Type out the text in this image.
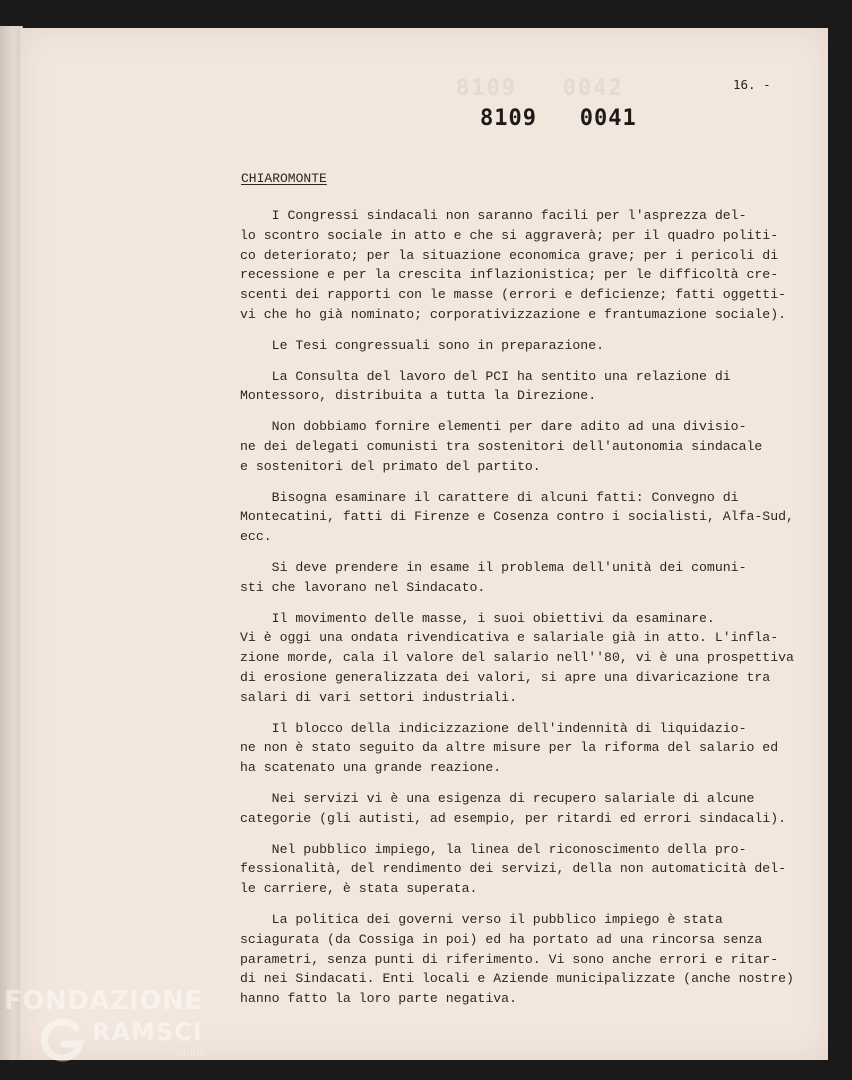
8109   0042	16. -
8109   0041
CHIAROMONTE

I Congressi sindacali non saranno facili per l'asprezza del-
lo scontro sociale in atto e che si aggraverà; per il quadro politi-
co deteriorato; per la situazione economica grave; per i pericoli di
recessione e per la crescita inflazionistica; per le difficoltà cre-
scenti dei rapporti con le masse (errori e deficienze; fatti oggetti-
vi che ho già nominato; corporativizzazione e frantumazione sociale).

Le Tesi congressuali sono in preparazione.

La Consulta del lavoro del PCI ha sentito una relazione di
Montessoro, distribuita a tutta la Direzione.

Non dobbiamo fornire elementi per dare adito ad una divisio-
ne dei delegati comunisti tra sostenitori dell'autonomia sindacale
e sostenitori del primato del partito.

Bisogna esaminare il carattere di alcuni fatti: Convegno di
Montecatini, fatti di Firenze e Cosenza contro i socialisti, Alfa-Sud,
ecc.

Si deve prendere in esame il problema dell'unità dei comuni-
sti che lavorano nel Sindacato.

Il movimento delle masse, i suoi obiettivi da esaminare.
Vi è oggi una ondata rivendicativa e salariale già in atto. L'infla-
zione morde, cala il valore del salario nell''80, vi è una prospettiva
di erosione generalizzata dei valori, si apre una divaricazione tra
salari di vari settori industriali.

Il blocco della indicizzazione dell'indennità di liquidazio-
ne non è stato seguito da altre misure per la riforma del salario ed
ha scatenato una grande reazione.

Nei servizi vi è una esigenza di recupero salariale di alcune
categorie (gli autisti, ad esempio, per ritardi ed errori sindacali).

Nel pubblico impiego, la linea del riconoscimento della pro-
fessionalità, del rendimento dei servizi, della non automaticità del-
le carriere, è stata superata.

La politica dei governi verso il pubblico impiego è stata
sciagurata (da Cossiga in poi) ed ha portato ad una rincorsa senza
parametri, senza punti di riferimento. Vi sono anche errori e ritar-
di nei Sindacati. Enti locali e Aziende municipalizzate (anche nostre)
hanno fatto la loro parte negativa.

FONDAZIONE
RAMSCI
onlus
